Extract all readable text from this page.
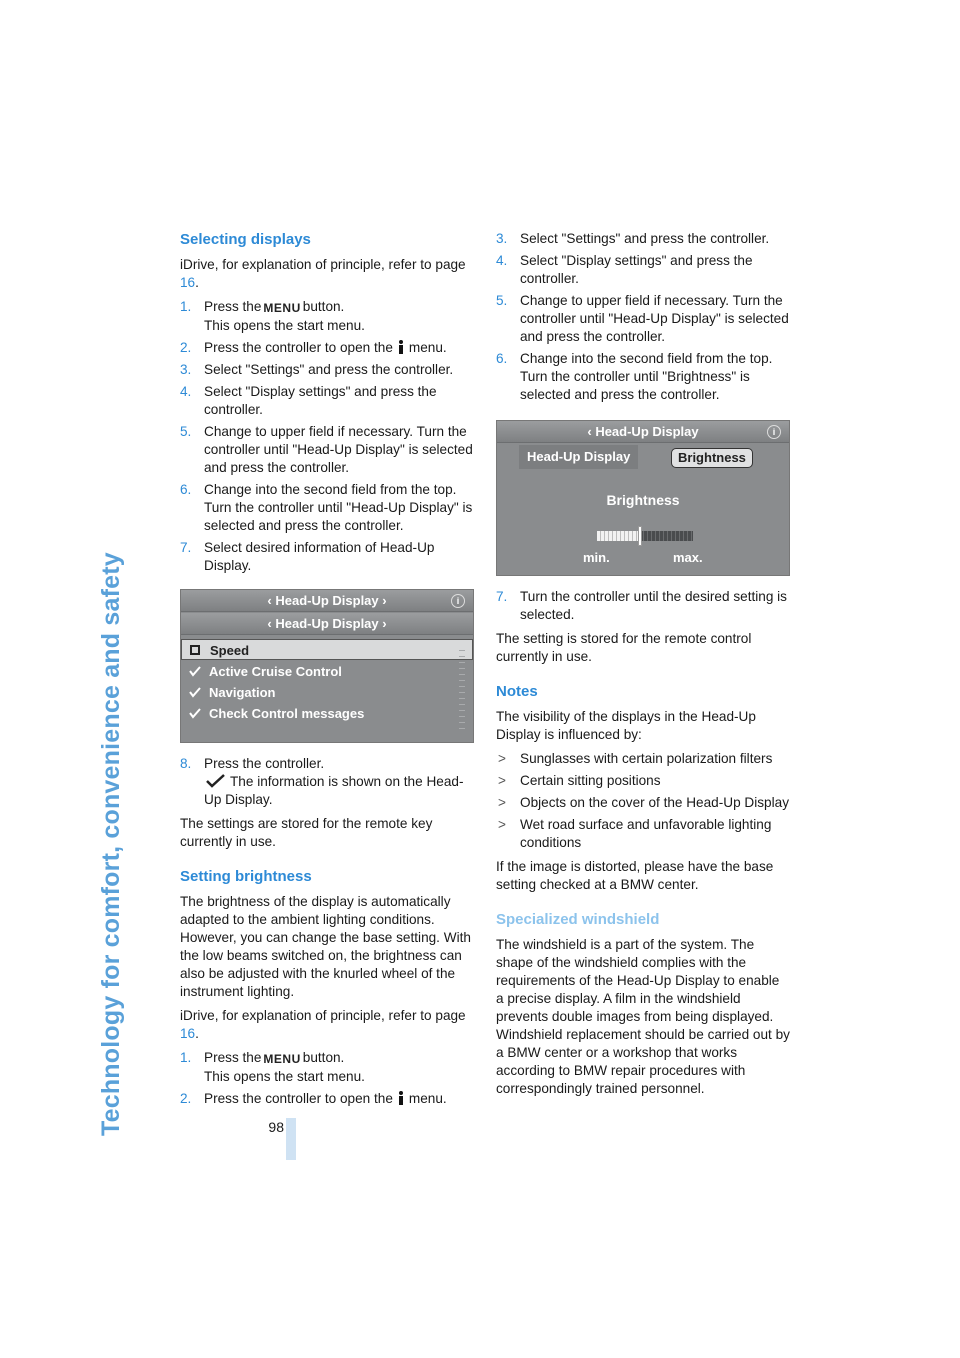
Technology for comfort, convenience and safety
Selecting displays

iDrive, for explanation of principle, refer to page 16.

1. Press the MENU button.
This opens the start menu.
2. Press the controller to open the menu.
3. Select "Settings" and press the controller.
4. Select "Display settings" and press the controller.
5. Change to upper field if necessary. Turn the controller until "Head-Up Display" is selected and press the controller.
6. Change into the second field from the top. Turn the controller until "Head-Up Display" is selected and press the controller.
7. Select desired information of Head-Up Display.
‹ Head-Up Display ›	i
‹ Head-Up Display ›
Speed
Active Cruise Control
Navigation
Check Control messages
8. Press the controller.
The information is shown on the Head-Up Display.

The settings are stored for the remote key currently in use.

Setting brightness

The brightness of the display is automatically adapted to the ambient lighting conditions. However, you can change the base setting. With the low beams switched on, the brightness can also be adjusted with the knurled wheel of the instrument lighting.

iDrive, for explanation of principle, refer to page 16.

1. Press the MENU button.
This opens the start menu.
2. Press the controller to open the menu.
3. Select "Settings" and press the controller.
4. Select "Display settings" and press the controller.
5. Change to upper field if necessary. Turn the controller until "Head-Up Display" is selected and press the controller.
6. Change into the second field from the top. Turn the controller until "Brightness" is selected and press the controller.
‹ Head-Up Display	i
Head-Up Display	Brightness
Brightness
min.	max.
7. Turn the controller until the desired setting is selected.

The setting is stored for the remote control currently in use.

Notes

The visibility of the displays in the Head-Up Display is influenced by:

> Sunglasses with certain polarization filters
> Certain sitting positions
> Objects on the cover of the Head-Up Display
> Wet road surface and unfavorable lighting conditions

If the image is distorted, please have the base setting checked at a BMW center.

Specialized windshield

The windshield is a part of the system. The shape of the windshield complies with the requirements of the Head-Up Display to enable a precise display. A film in the windshield prevents double images from being displayed. Windshield replacement should be carried out by a BMW center or a workshop that works according to BMW repair procedures with correspondingly trained personnel.

98
